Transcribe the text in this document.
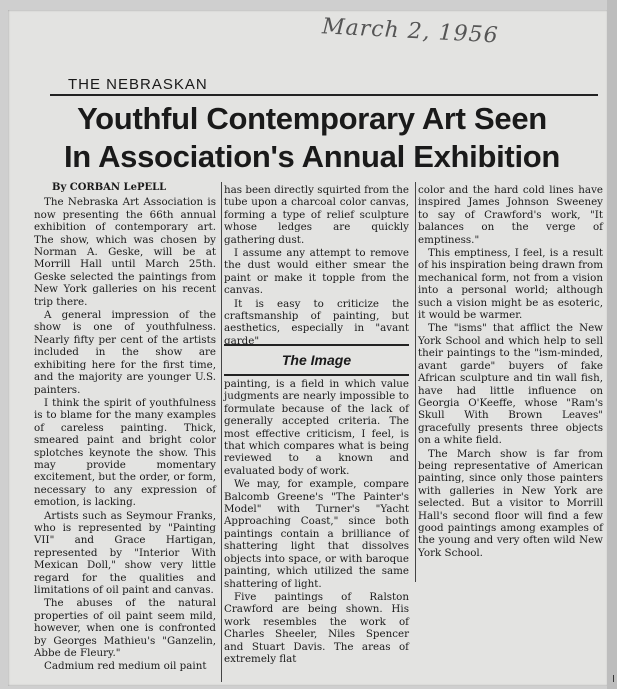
I
March 2, 1956
THE NEBRASKAN
Youthful Contemporary Art Seen
In Association's Annual Exhibition

By CORBAN LePELL

The Nebraska Art Association is now presenting the 66th annual exhibition of contemporary art. The show, which was chosen by Norman A. Geske, will be at Morrill Hall until March 25th. Geske selected the paintings from New York galleries on his recent trip there.

A general impression of the show is one of youthfulness. Nearly fifty per cent of the artists included in the show are exhibiting here for the first time, and the majority are younger U.S. painters.

I think the spirit of youthfulness is to blame for the many examples of careless painting. Thick, smeared paint and bright color splotches keynote the show. This may provide momentary excitement, but the order, or form, necessary to any expression of emotion, is lacking.

Artists such as Seymour Franks, who is represented by "Painting VII" and Grace Hartigan, represented by "Interior With Mexican Doll," show very little regard for the qualities and limitations of oil paint and canvas.

The abuses of the natural properties of oil paint seem mild, however, when one is confronted by Georges Mathieu's "Ganzelin, Abbe de Fleury."

Cadmium red medium oil paint

has been directly squirted from the tube upon a charcoal color canvas, forming a type of relief sculpture whose ledges are quickly gathering dust.

I assume any attempt to remove the dust would either smear the paint or make it topple from the canvas.

It is easy to criticize the craftsmanship of painting, but aesthetics, especially in "avant garde"

The Image

painting, is a field in which value judgments are nearly impossible to formulate because of the lack of generally accepted criteria. The most effective criticism, I feel, is that which compares what is being reviewed to a known and evaluated body of work.

We may, for example, compare Balcomb Greene's "The Painter's Model" with Turner's "Yacht Approaching Coast," since both paintings contain a brilliance of shattering light that dissolves objects into space, or with baroque painting, which utilized the same shattering of light.

Five paintings of Ralston Crawford are being shown. His work resembles the work of Charles Sheeler, Niles Spencer and Stuart Davis. The areas of extremely flat

color and the hard cold lines have inspired James Johnson Sweeney to say of Crawford's work, "It balances on the verge of emptiness."

This emptiness, I feel, is a result of his inspiration being drawn from mechanical form, not from a vision into a personal world; although such a vision might be as esoteric, it would be warmer.

The "isms" that afflict the New York School and which help to sell their paintings to the "ism-minded, avant garde" buyers of fake African sculpture and tin wall fish, have had little influence on Georgia O'Keeffe, whose "Ram's Skull With Brown Leaves" gracefully presents three objects on a white field.

The March show is far from being representative of American painting, since only those painters with galleries in New York are selected. But a visitor to Morrill Hall's second floor will find a few good paintings among examples of the young and very often wild New York School.
